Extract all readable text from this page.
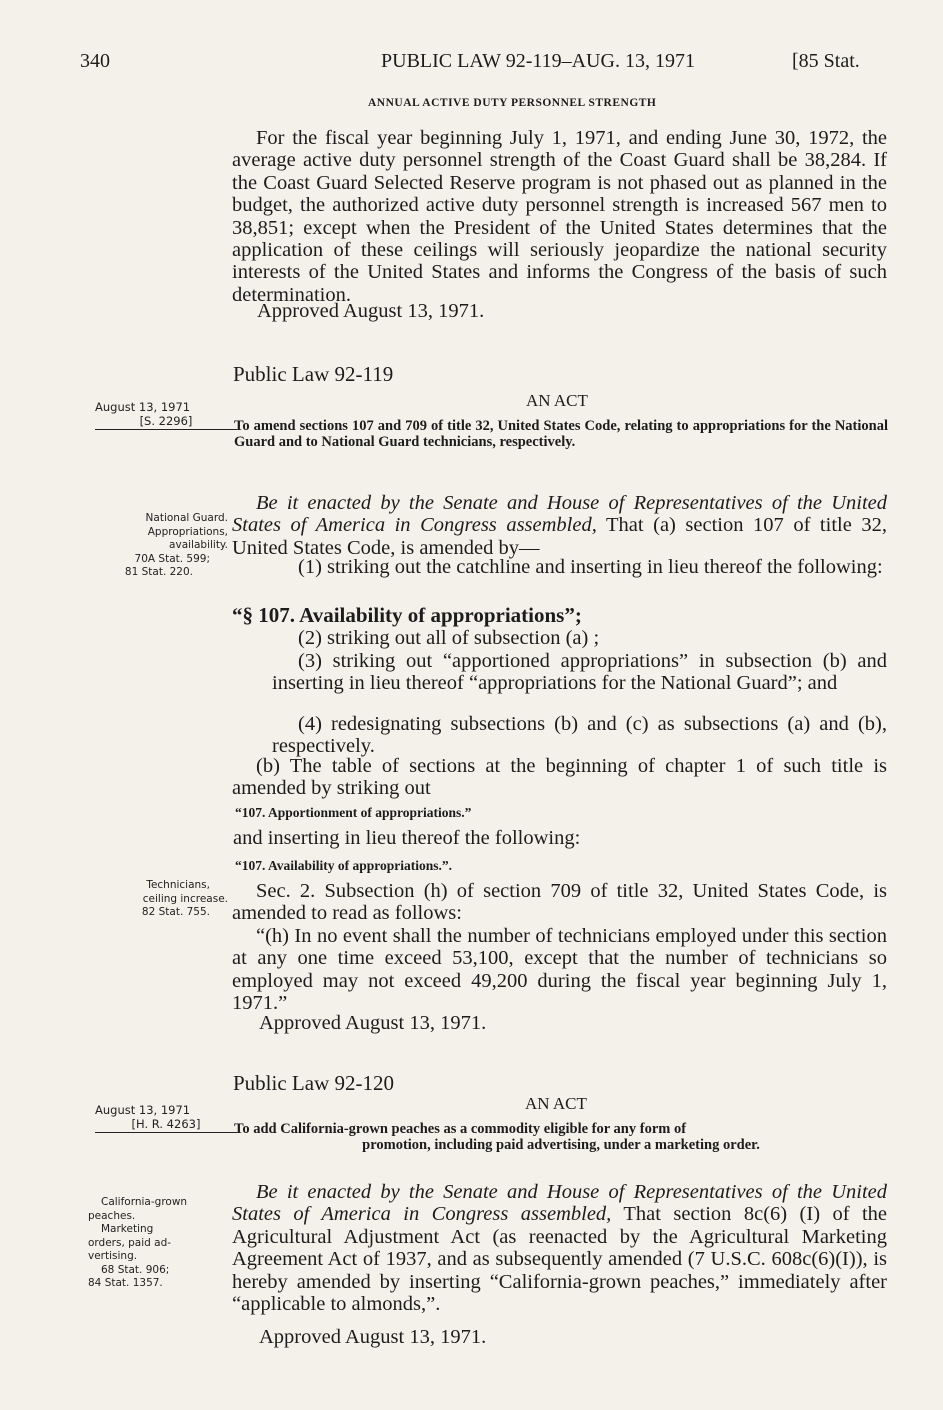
340	PUBLIC LAW 92-119–AUG. 13, 1971	[85 Stat.
ANNUAL ACTIVE DUTY PERSONNEL STRENGTH
For the fiscal year beginning July 1, 1971, and ending June 30, 1972, the average active duty personnel strength of the Coast Guard shall be 38,284. If the Coast Guard Selected Reserve program is not phased out as planned in the budget, the authorized active duty personnel strength is increased 567 men to 38,851; except when the President of the United States determines that the application of these ceilings will seriously jeopardize the national security interests of the United States and informs the Congress of the basis of such determination.
Approved August 13, 1971.
Public Law 92-119
AN ACT
August 13, 1971
[S. 2296]	To amend sections 107 and 709 of title 32, United States Code, relating to appropriations for the National Guard and to National Guard technicians, respectively.
National Guard.
Appropriations,
availability.
70A Stat. 599;
81 Stat. 220.
Be it enacted by the Senate and House of Representatives of the United States of America in Congress assembled, That (a) section 107 of title 32, United States Code, is amended by—
(1) striking out the catchline and inserting in lieu thereof the following:
“§ 107. Availability of appropriations”;
(2) striking out all of subsection (a) ;
(3) striking out “apportioned appropriations” in subsection (b) and inserting in lieu thereof “appropriations for the National Guard”; and
(4) redesignating subsections (b) and (c) as subsections (a) and (b), respectively.
(b) The table of sections at the beginning of chapter 1 of such title is amended by striking out
“107. Apportionment of appropriations.”
and inserting in lieu thereof the following:
“107. Availability of appropriations.”.
Technicians,
ceiling increase.
82 Stat. 755.
Sec. 2. Subsection (h) of section 709 of title 32, United States Code, is amended to read as follows:
“(h) In no event shall the number of technicians employed under this section at any one time exceed 53,100, except that the number of technicians so employed may not exceed 49,200 during the fiscal year beginning July 1, 1971.”
Approved August 13, 1971.
Public Law 92-120
AN ACT
August 13, 1971
[H. R. 4263]	To add California-grown peaches as a commodity eligible for any form of
promotion, including paid advertising, under a marketing order.
California-grown
peaches.
Marketing
orders, paid ad-
vertising.
68 Stat. 906;
84 Stat. 1357.
Be it enacted by the Senate and House of Representatives of the United States of America in Congress assembled, That section 8c(6) (I) of the Agricultural Adjustment Act (as reenacted by the Agricultural Marketing Agreement Act of 1937, and as subsequently amended (7 U.S.C. 608c(6)(I)), is hereby amended by inserting “California-grown peaches,” immediately after “applicable to almonds,”.
Approved August 13, 1971.
